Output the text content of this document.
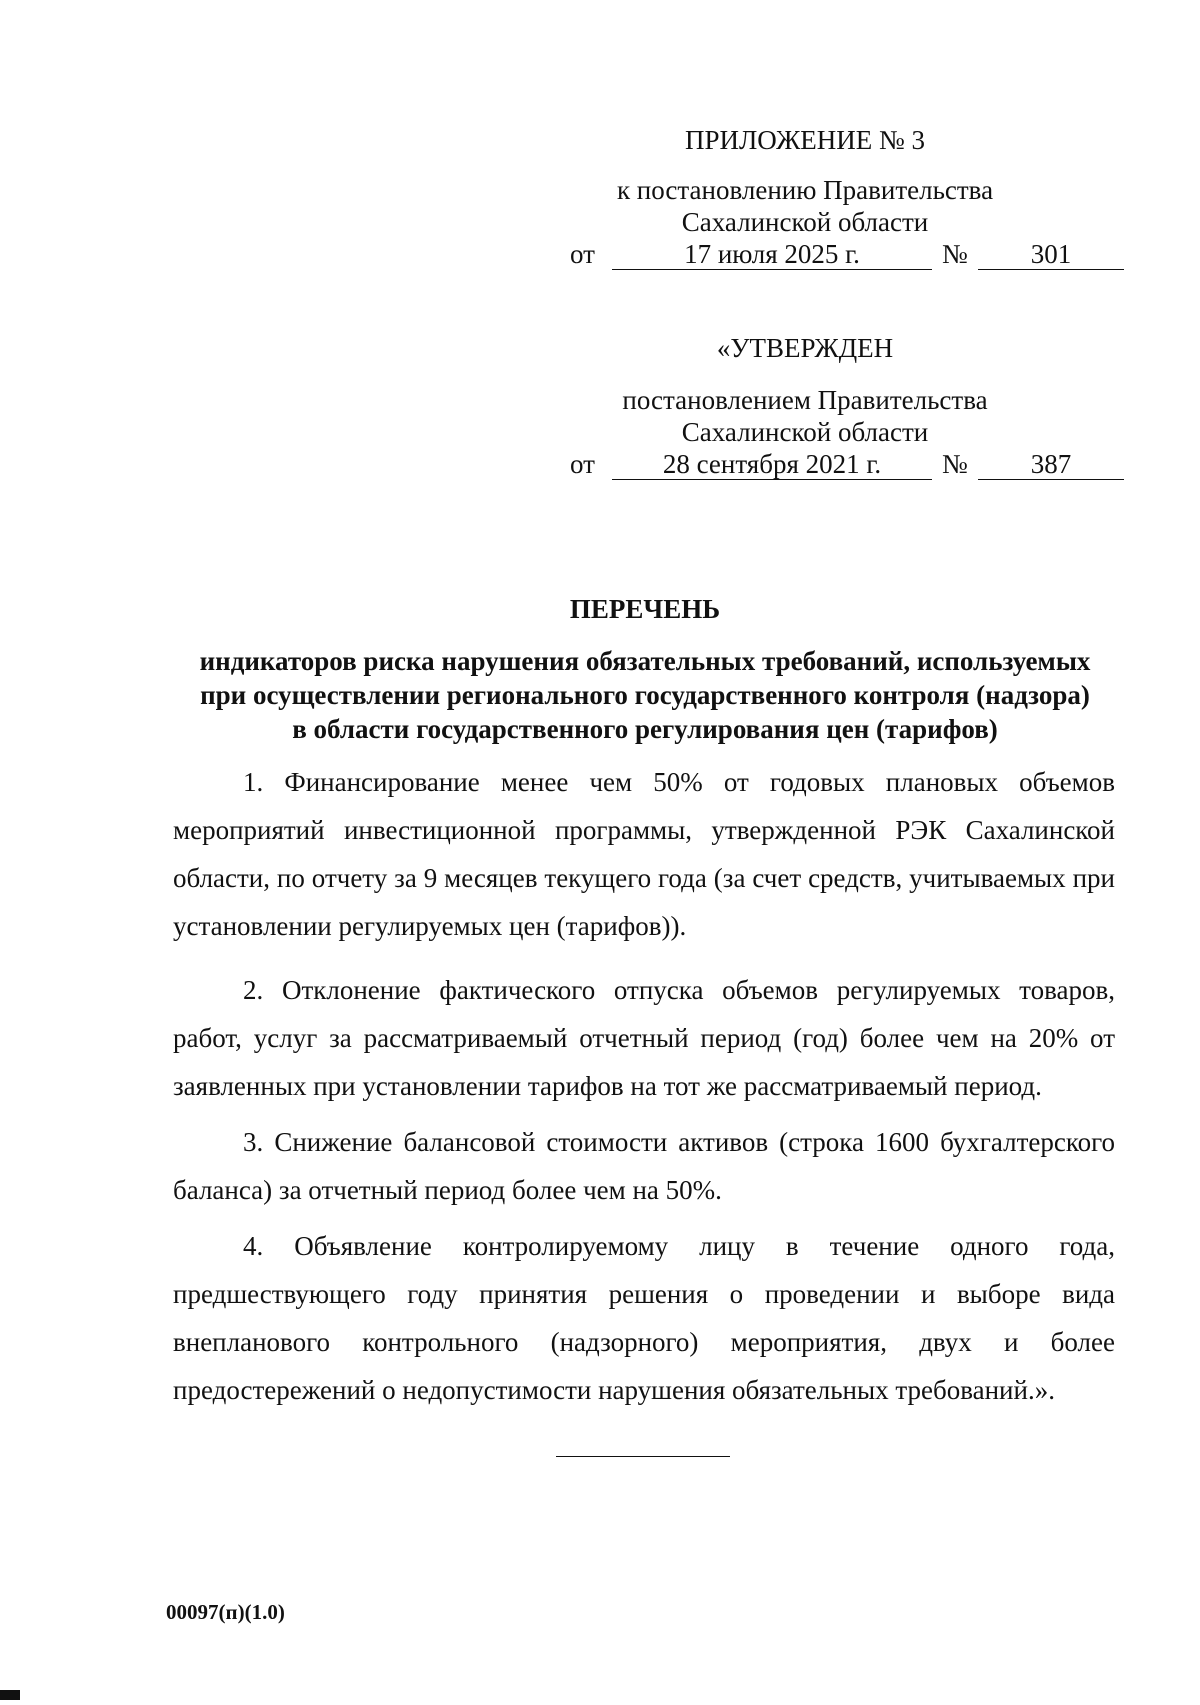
ПРИЛОЖЕНИЕ № 3
к постановлению Правительства
Сахалинской области
от	17 июля 2025 г.	№	301
«УТВЕРЖДЕН
постановлением Правительства
Сахалинской области
от	28 сентября 2021 г.	№	387
ПЕРЕЧЕНЬ
индикаторов риска нарушения обязательных требований, используемых
при осуществлении регионального государственного контроля (надзора)
в области государственного регулирования цен (тарифов)

1. Финансирование менее чем 50% от годовых плановых объемов мероприятий инвестиционной программы, утвержденной РЭК Сахалинской области, по отчету за 9 месяцев текущего года (за счет средств, учитываемых при установлении регулируемых цен (тарифов)).

2. Отклонение фактического отпуска объемов регулируемых товаров, работ, услуг за рассматриваемый отчетный период (год) более чем на 20% от заявленных при установлении тарифов на тот же рассматриваемый период.

3. Снижение балансовой стоимости активов (строка 1600 бухгалтерского баланса) за отчетный период более чем на 50%.

4. Объявление контролируемому лицу в течение одного года, предшествующего году принятия решения о проведении и выборе вида внепланового контрольного (надзорного) мероприятия, двух и более предостережений о недопустимости нарушения обязательных требований.».

00097(п)(1.0)
